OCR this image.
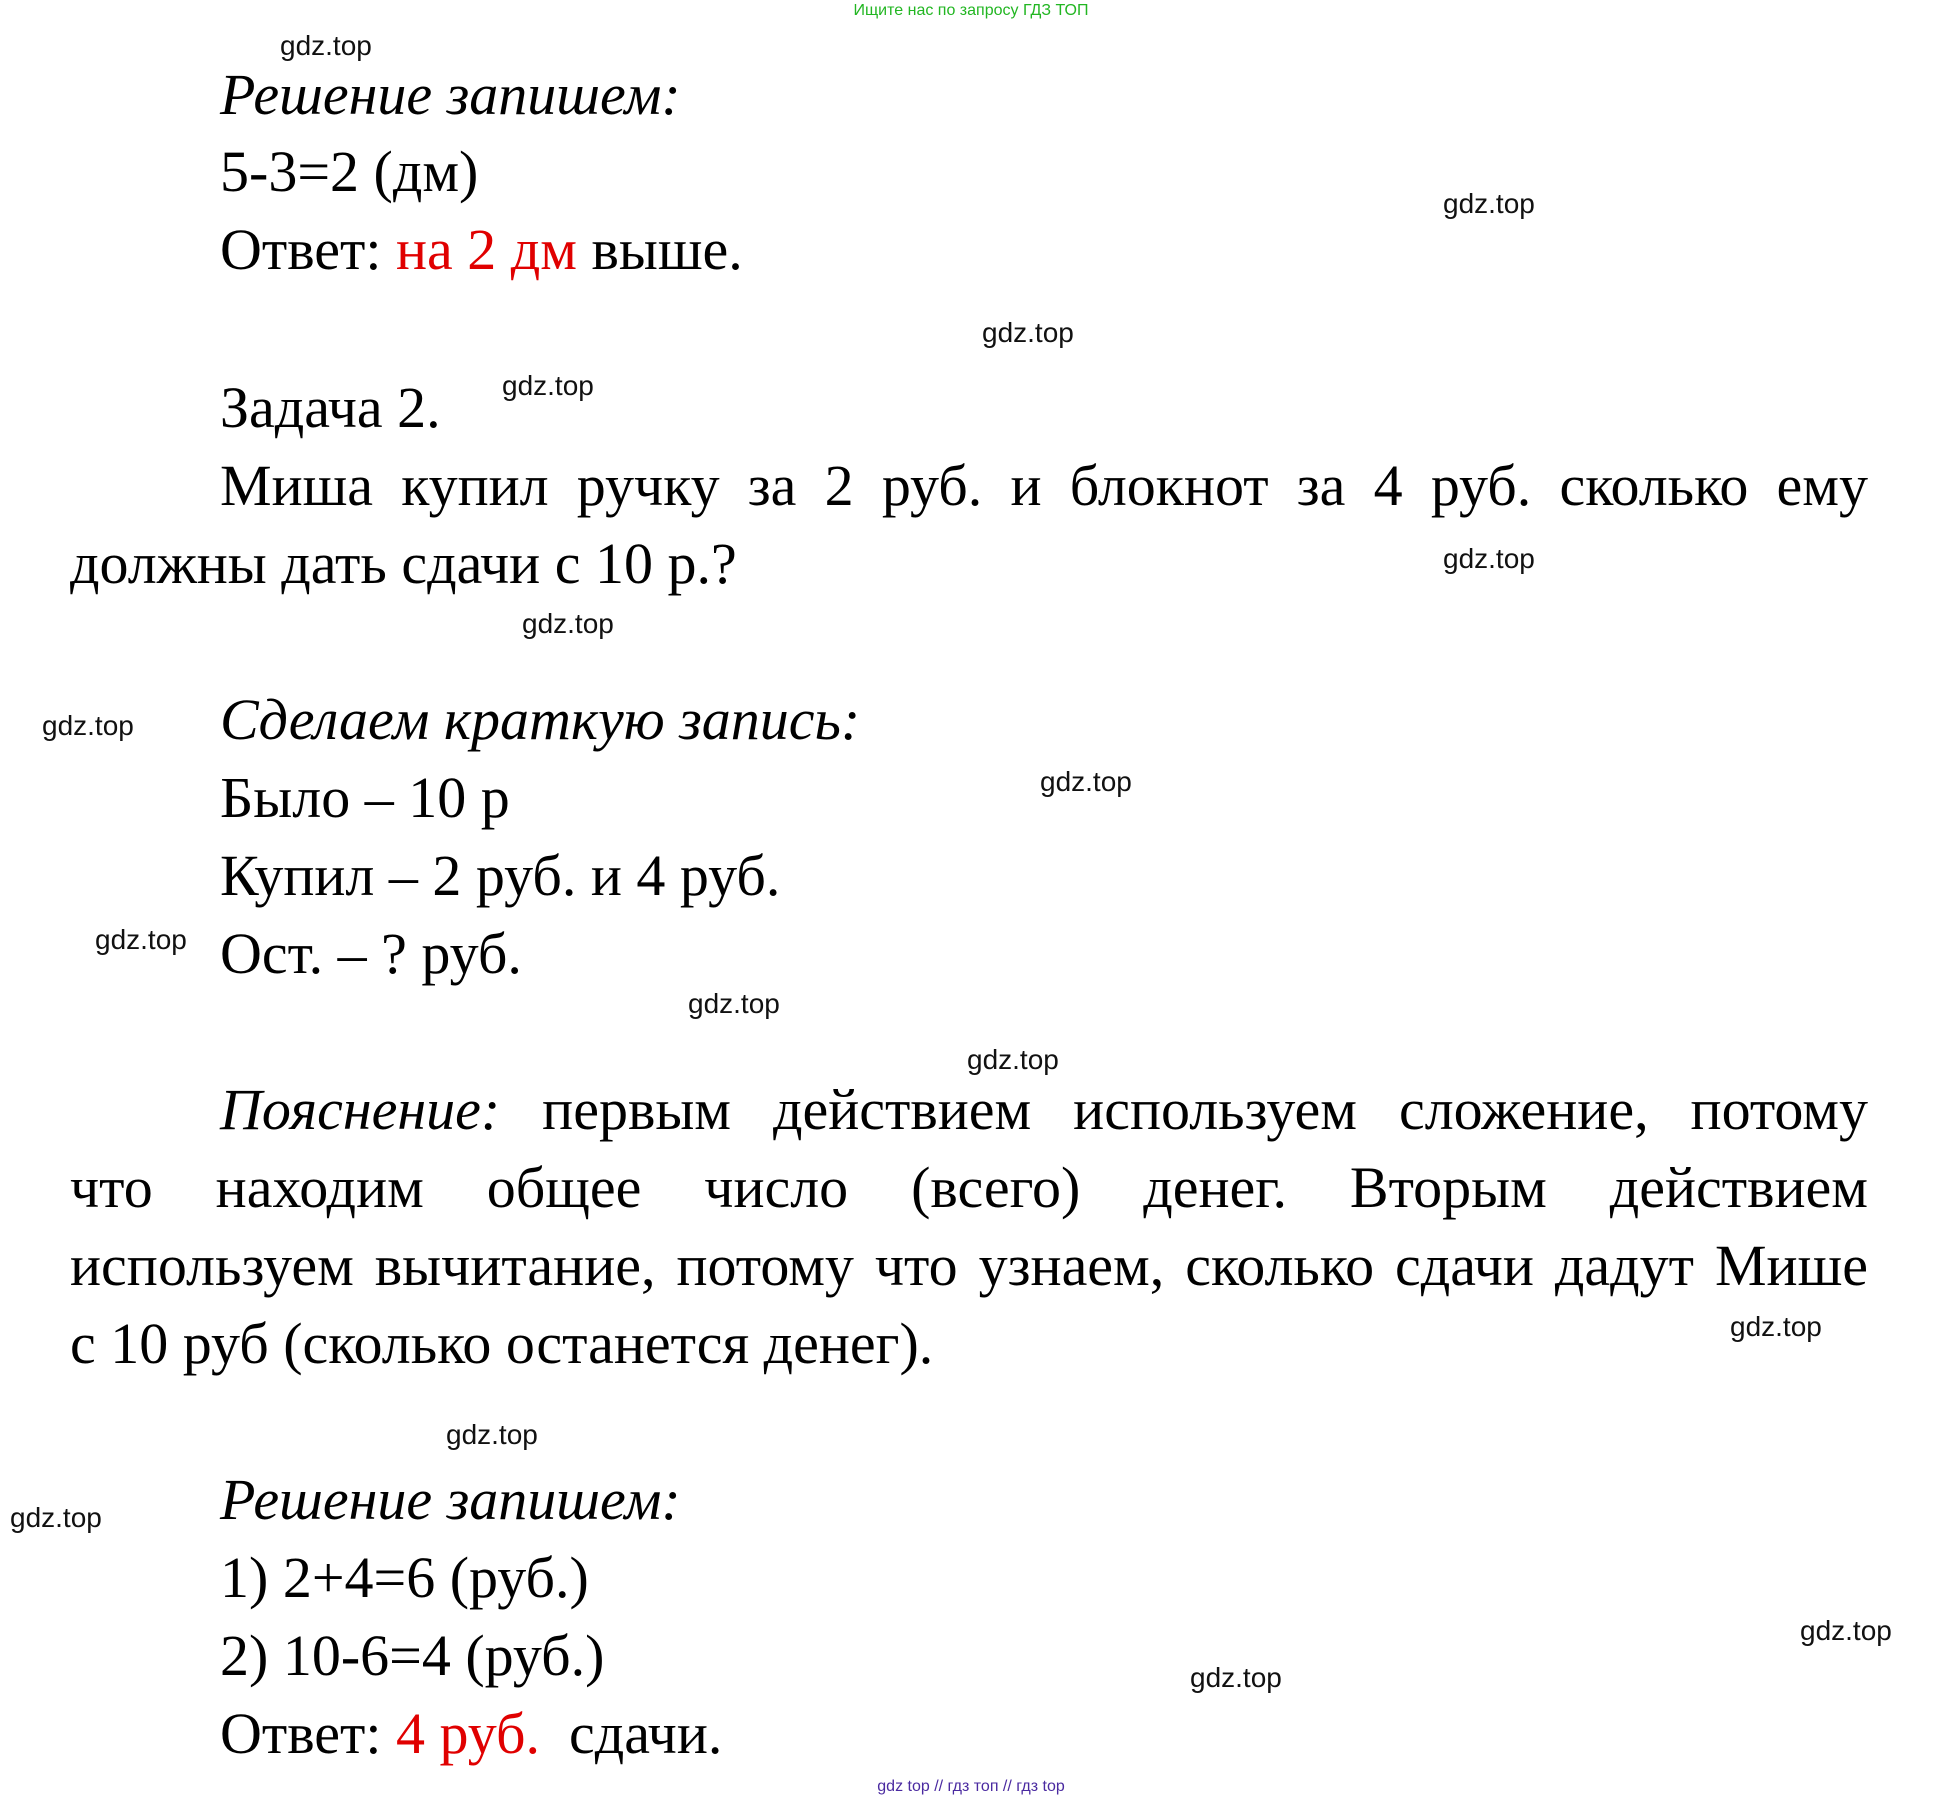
Ищите нас по запросу ГДЗ ТОП

Решение запишем:

5-3=2 (дм)

Ответ: на 2 дм выше.

Задача 2.

Миша купил ручку за 2 руб. и блокнот за 4 руб. сколько ему

должны дать сдачи с 10 р.?

Сделаем краткую запись:

Было – 10 р

Купил – 2 руб. и 4 руб.

Ост. – ? руб.

Пояснение: первым действием используем сложение, потому

что находим общее число (всего) денег. Вторым действием

используем вычитание, потому что узнаем, сколько сдачи дадут Мише

с 10 руб (сколько останется денег).

Решение запишем:

1) 2+4=6 (руб.)

2) 10-6=4 (руб.)

Ответ: 4 руб. сдачи.

gdz.top
gdz.top
gdz.top
gdz.top
gdz.top
gdz.top
gdz.top
gdz.top
gdz.top
gdz.top
gdz.top
gdz.top
gdz.top
gdz.top
gdz.top
gdz.top
gdz top // гдз топ // гдз top
